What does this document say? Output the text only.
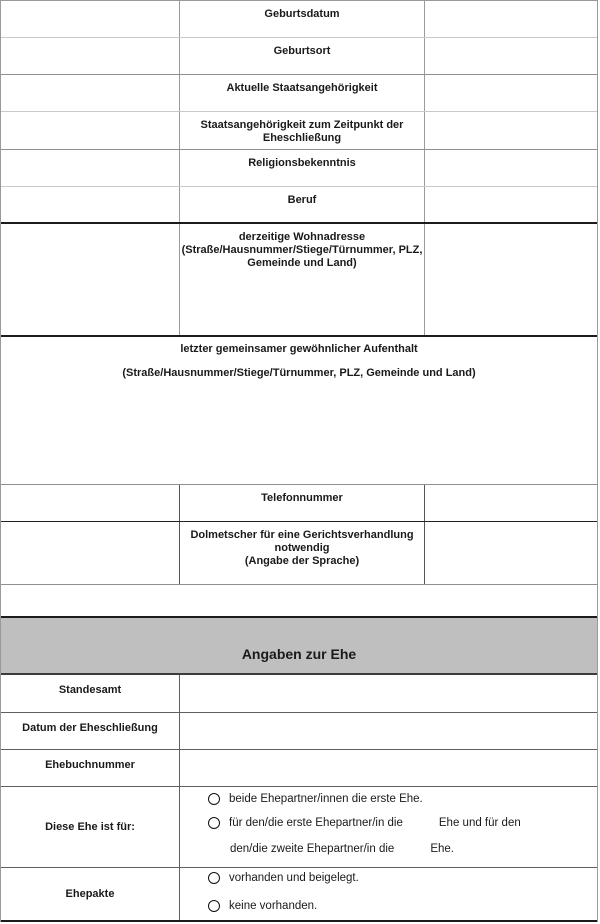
Geburtsdatum
Geburtsort
Aktuelle Staatsangehörigkeit
Staatsangehörigkeit zum Zeitpunkt der Eheschließung
Religionsbekenntnis
Beruf

derzeitige Wohnadresse

(Straße/Hausnummer/Stiege/Türnummer, PLZ, Gemeinde und Land)

letzter gemeinsamer gewöhnlicher Aufenthalt

(Straße/Hausnummer/Stiege/Türnummer, PLZ, Gemeinde und Land)

Telefonnummer

Dolmetscher für eine Gerichtsverhandlung notwendig

(Angabe der Sprache)

Angaben zur Ehe
Standesamt
Datum der Eheschließung
Ehebuchnummer
Diese Ehe ist für:
beide Ehepartner/innen die erste Ehe.
für den/die erste Ehepartner/in die	Ehe und für den
den/die zweite Ehepartner/in die	Ehe.
Ehepakte
vorhanden und beigelegt.
keine vorhanden.
